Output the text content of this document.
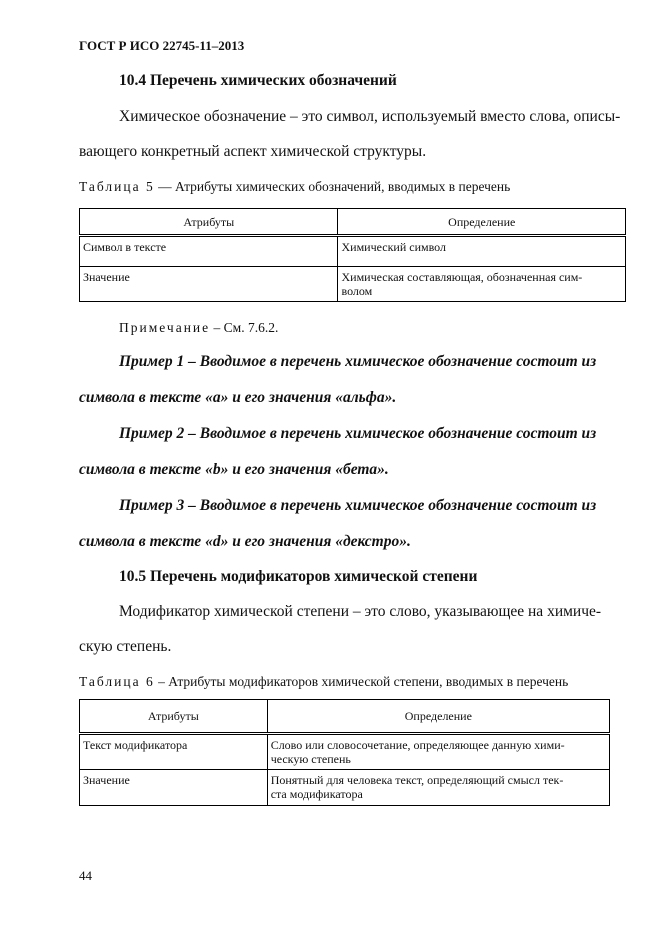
ГОСТ Р ИСО 22745-11–2013
10.4 Перечень химических обозначений
Химическое обозначение – это символ, используемый вместо слова, описы-
вающего конкретный аспект химической структуры.
Таблица 5 — Атрибуты химических обозначений, вводимых в перечень
Атрибуты	Определение
Символ в тексте	Химический символ
Значение	Химическая составляющая, обозначенная сим-
волом
Примечание – См. 7.6.2.
Пример 1 – Вводимое в перечень химическое обозначение состоит из
символа в тексте «a» и его значения «альфа».
Пример 2 – Вводимое в перечень химическое обозначение состоит из
символа в тексте «b» и его значения «бета».
Пример 3 – Вводимое в перечень химическое обозначение состоит из
символа в тексте «d» и его значения «декстро».
10.5 Перечень модификаторов химической степени
Модификатор химической степени – это слово, указывающее на химиче-
скую степень.
Таблица 6 – Атрибуты модификаторов химической степени, вводимых в перечень
Атрибуты	Определение
Текст модификатора	Слово или словосочетание, определяющее данную хими-
ческую степень
Значение	Понятный для человека текст, определяющий смысл тек-
ста модификатора
44
